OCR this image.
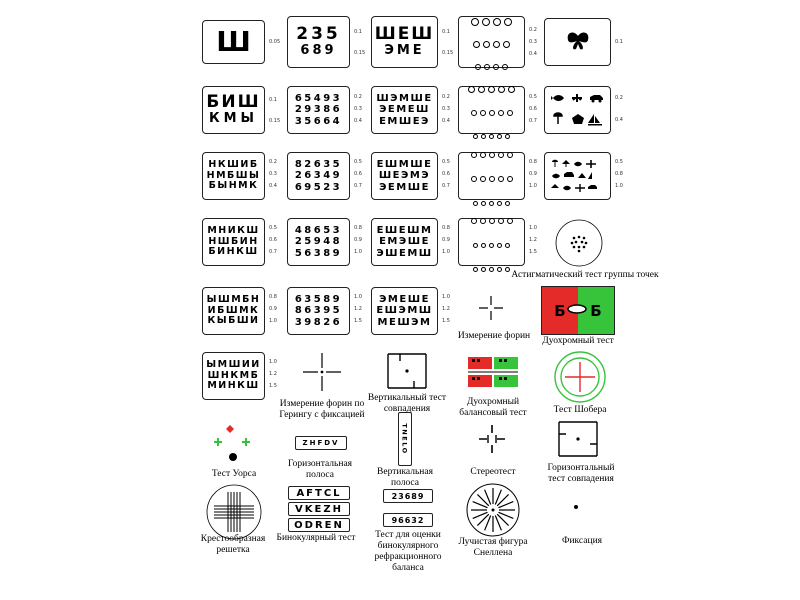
Ш	0.05 235
689
0.1
0.15
ШЕШ
ЭМЕ
0.1
0.15
0.2
0.3
0.4
0.1
БИШ
КМЫ
0.1
0.15
65493
29386
35664
0.2
0.3
0.4
ШЭМШЕ
ЭЕМЕШ
ЕМШЕЭ
0.2
0.3
0.4
0.5
0.6
0.7
0.2
0.4
НКШИБ
НМБШЫ
БЫНМК
0.2
0.3
0.4
82635
26349
69523
0.5
0.6
0.7
ЕШМШЕ
ШЕЭМЭ
ЭЕМШЕ
0.5
0.6
0.7
0.8
0.9
1.0
0.5
0.8
1.0
МНИКШ
НШБИН
БИНКШ
0.5
0.6
0.7
48653
25948
56389
0.8
0.9
1.0
ЕШЕШМ
ЕМЭШЕ
ЭШЕМШ
0.8
0.9
1.0
1.0
1.2
1.5
Астигматический тест группы точек
ЫШМБН
ИБШМК
КЫБШИ
0.8
0.9
1.0
63589
86395
39826
1.0
1.2
1.5
ЭМЕШЕ
ЕШЭМШ
МЕШЭМ
1.0
1.2
1.5
Измерение форин
Б Б
Дуохромный тест
ЫМШИИ
ШНКМБ
МИНКШ
1.0
1.2
1.5
Измерение форин по Герингу с фиксацией
Вертикальный тест совпадения
Дуохромный балансовый тест	Тест Шобера
Тест Уорса
ZHFDV
Горизонтальная полоса
TNELO
Вертикальная полоса
Стереотест	Горизонтальный тест совпадения
Крестообразная решетка
AFTCL
VKEZH
ODREN
Бинокулярный тест
23689
96632
Тест для оценки бинокулярного рефракционного баланса
Лучистая фигура Снеллена
Фиксация
